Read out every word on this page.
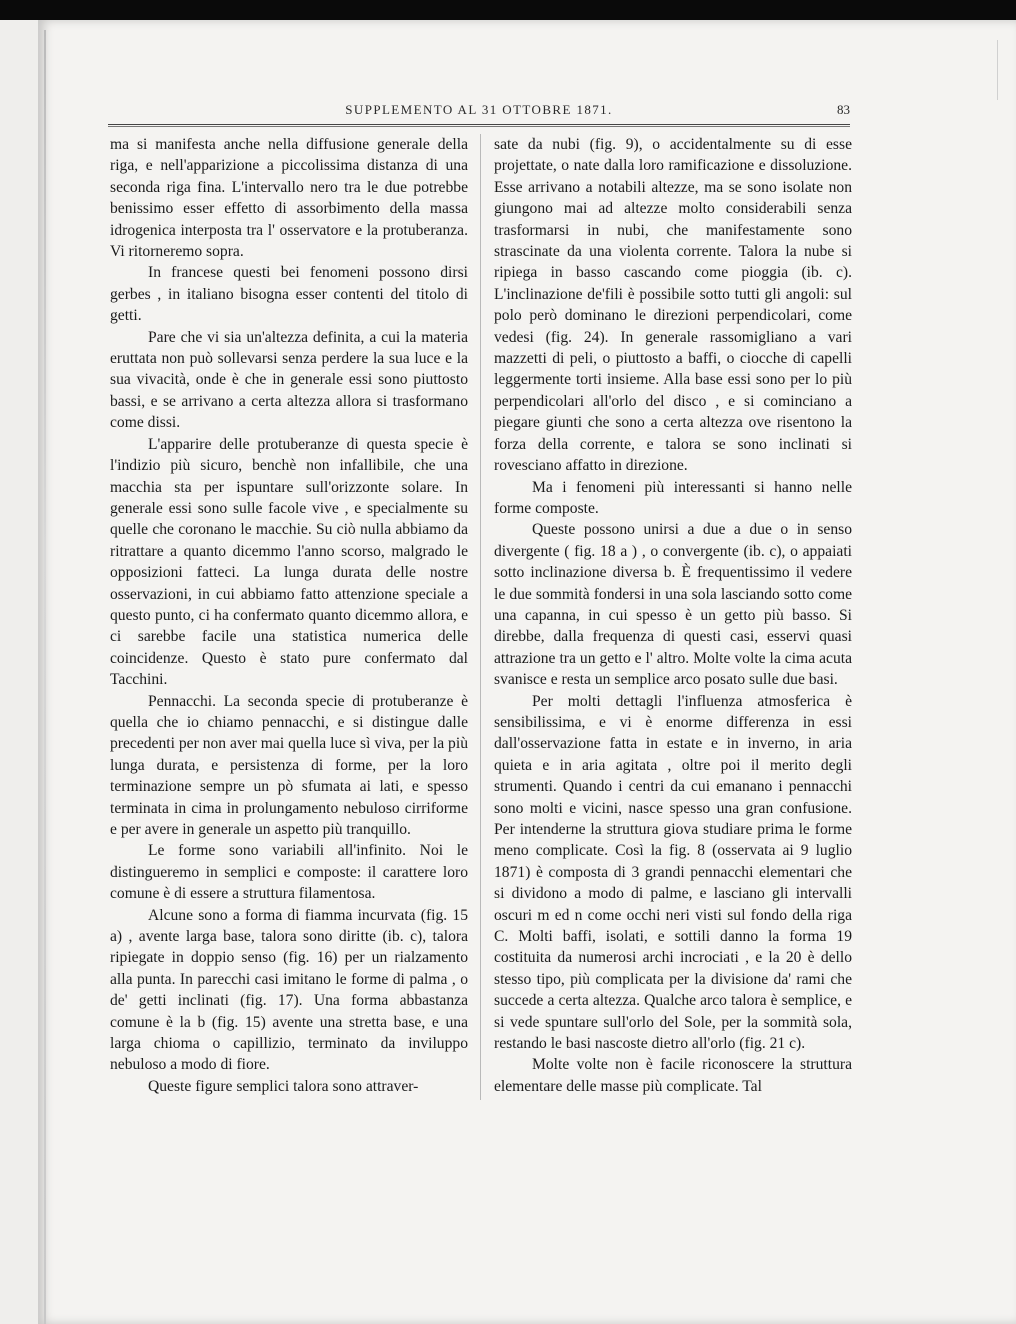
SUPPLEMENTO AL 31 OTTOBRE 1871.	83

ma si manifesta anche nella diffusione generale della riga, e nell'apparizione a piccolissima distanza di una seconda riga fina. L'intervallo nero tra le due potrebbe benissimo esser effetto di assorbimento della massa idrogenica interposta tra l' osservatore e la protuberanza. Vi ritorneremo sopra.

In francese questi bei fenomeni possono dirsi gerbes , in italiano bisogna esser contenti del titolo di getti.

Pare che vi sia un'altezza definita, a cui la materia eruttata non può sollevarsi senza perdere la sua luce e la sua vivacità, onde è che in generale essi sono piuttosto bassi, e se arrivano a certa altezza allora si trasformano come dissi.

L'apparire delle protuberanze di questa specie è l'indizio più sicuro, benchè non infallibile, che una macchia sta per ispuntare sull'orizzonte solare. In generale essi sono sulle facole vive , e specialmente su quelle che coronano le macchie. Su ciò nulla abbiamo da ritrattare a quanto dicemmo l'anno scorso, malgrado le opposizioni fatteci. La lunga durata delle nostre osservazioni, in cui abbiamo fatto attenzione speciale a questo punto, ci ha confermato quanto dicemmo allora, e ci sarebbe facile una statistica numerica delle coincidenze. Questo è stato pure confermato dal Tacchini.

Pennacchi. La seconda specie di protuberanze è quella che io chiamo pennacchi, e si distingue dalle precedenti per non aver mai quella luce sì viva, per la più lunga durata, e persistenza di forme, per la loro terminazione sempre un pò sfumata ai lati, e spesso terminata in cima in prolungamento nebuloso cirriforme e per avere in generale un aspetto più tranquillo.

Le forme sono variabili all'infinito. Noi le distingueremo in semplici e composte: il carattere loro comune è di essere a struttura filamentosa.

Alcune sono a forma di fiamma incurvata (fig. 15 a) , avente larga base, talora sono diritte (ib. c), talora ripiegate in doppio senso (fig. 16) per un rialzamento alla punta. In parecchi casi imitano le forme di palma , o de' getti inclinati (fig. 17). Una forma abbastanza comune è la b (fig. 15) avente una stretta base, e una larga chioma o capillizio, terminato da inviluppo nebuloso a modo di fiore.

Queste figure semplici talora sono attraver-

sate da nubi (fig. 9), o accidentalmente su di esse projettate, o nate dalla loro ramificazione e dissoluzione. Esse arrivano a notabili altezze, ma se sono isolate non giungono mai ad altezze molto considerabili senza trasformarsi in nubi, che manifestamente sono strascinate da una violenta corrente. Talora la nube si ripiega in basso cascando come pioggia (ib. c). L'inclinazione de'fili è possibile sotto tutti gli angoli: sul polo però dominano le direzioni perpendicolari, come vedesi (fig. 24). In generale rassomigliano a vari mazzetti di peli, o piuttosto a baffi, o ciocche di capelli leggermente torti insieme. Alla base essi sono per lo più perpendicolari all'orlo del disco , e si cominciano a piegare giunti che sono a certa altezza ove risentono la forza della corrente, e talora se sono inclinati si rovesciano affatto in direzione.

Ma i fenomeni più interessanti si hanno nelle forme composte.

Queste possono unirsi a due a due o in senso divergente ( fig. 18 a ) , o convergente (ib. c), o appaiati sotto inclinazione diversa b. È frequentissimo il vedere le due sommità fondersi in una sola lasciando sotto come una capanna, in cui spesso è un getto più basso. Si direbbe, dalla frequenza di questi casi, esservi quasi attrazione tra un getto e l' altro. Molte volte la cima acuta svanisce e resta un semplice arco posato sulle due basi.

Per molti dettagli l'influenza atmosferica è sensibilissima, e vi è enorme differenza in essi dall'osservazione fatta in estate e in inverno, in aria quieta e in aria agitata , oltre poi il merito degli strumenti. Quando i centri da cui emanano i pennacchi sono molti e vicini, nasce spesso una gran confusione. Per intenderne la struttura giova studiare prima le forme meno complicate. Così la fig. 8 (osservata ai 9 luglio 1871) è composta di 3 grandi pennacchi elementari che si dividono a modo di palme, e lasciano gli intervalli oscuri m ed n come occhi neri visti sul fondo della riga C. Molti baffi, isolati, e sottili danno la forma 19 costituita da numerosi archi incrociati , e la 20 è dello stesso tipo, più complicata per la divisione da' rami che succede a certa altezza. Qualche arco talora è semplice, e si vede spuntare sull'orlo del Sole, per la sommità sola, restando le basi nascoste dietro all'orlo (fig. 21 c).

Molte volte non è facile riconoscere la struttura elementare delle masse più complicate. Tal
